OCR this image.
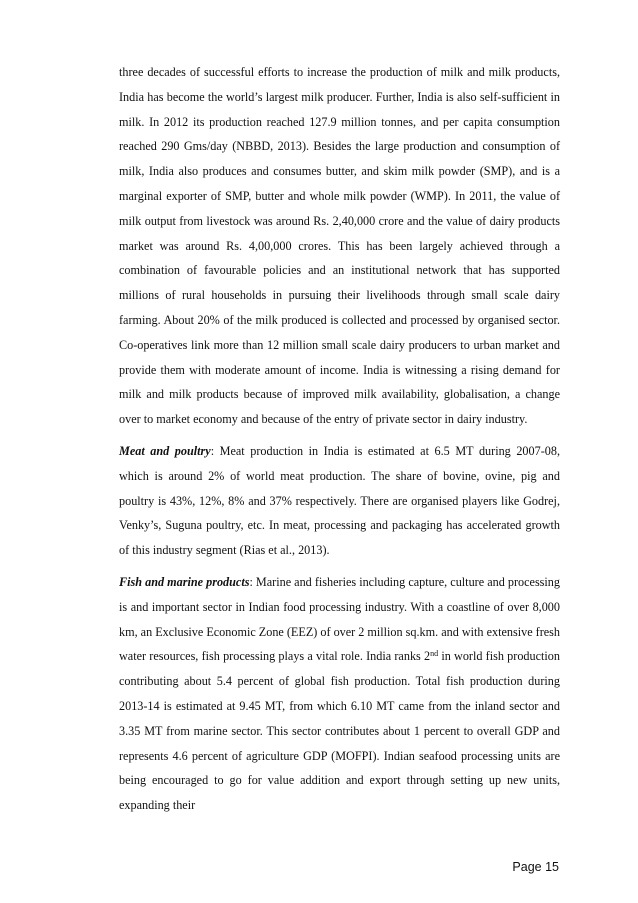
three decades of successful efforts to increase the production of milk and milk products, India has become the world’s largest milk producer. Further, India is also self-sufficient in milk. In 2012 its production reached 127.9 million tonnes, and per capita consumption reached 290 Gms/day (NBBD, 2013). Besides the large production and consumption of milk, India also produces and consumes butter, and skim milk powder (SMP), and is a marginal exporter of SMP, butter and whole milk powder (WMP). In 2011, the value of milk output from livestock was around Rs. 2,40,000 crore and the value of dairy products market was around Rs. 4,00,000 crores. This has been largely achieved through a combination of favourable policies and an institutional network that has supported millions of rural households in pursuing their livelihoods through small scale dairy farming. About 20% of the milk produced is collected and processed by organised sector. Co-operatives link more than 12 million small scale dairy producers to urban market and provide them with moderate amount of income. India is witnessing a rising demand for milk and milk products because of improved milk availability, globalisation, a change over to market economy and because of the entry of private sector in dairy industry.

Meat and poultry: Meat production in India is estimated at 6.5 MT during 2007-08, which is around 2% of world meat production. The share of bovine, ovine, pig and poultry is 43%, 12%, 8% and 37% respectively. There are organised players like Godrej, Venky’s, Suguna poultry, etc. In meat, processing and packaging has accelerated growth of this industry segment (Rias et al., 2013).

Fish and marine products: Marine and fisheries including capture, culture and processing is and important sector in Indian food processing industry. With a coastline of over 8,000 km, an Exclusive Economic Zone (EEZ) of over 2 million sq.km. and with extensive fresh water resources, fish processing plays a vital role. India ranks 2nd in world fish production contributing about 5.4 percent of global fish production. Total fish production during 2013-14 is estimated at 9.45 MT, from which 6.10 MT came from the inland sector and 3.35 MT from marine sector. This sector contributes about 1 percent to overall GDP and represents 4.6 percent of agriculture GDP (MOFPI). Indian seafood processing units are being encouraged to go for value addition and export through setting up new units, expanding their

Page 15
